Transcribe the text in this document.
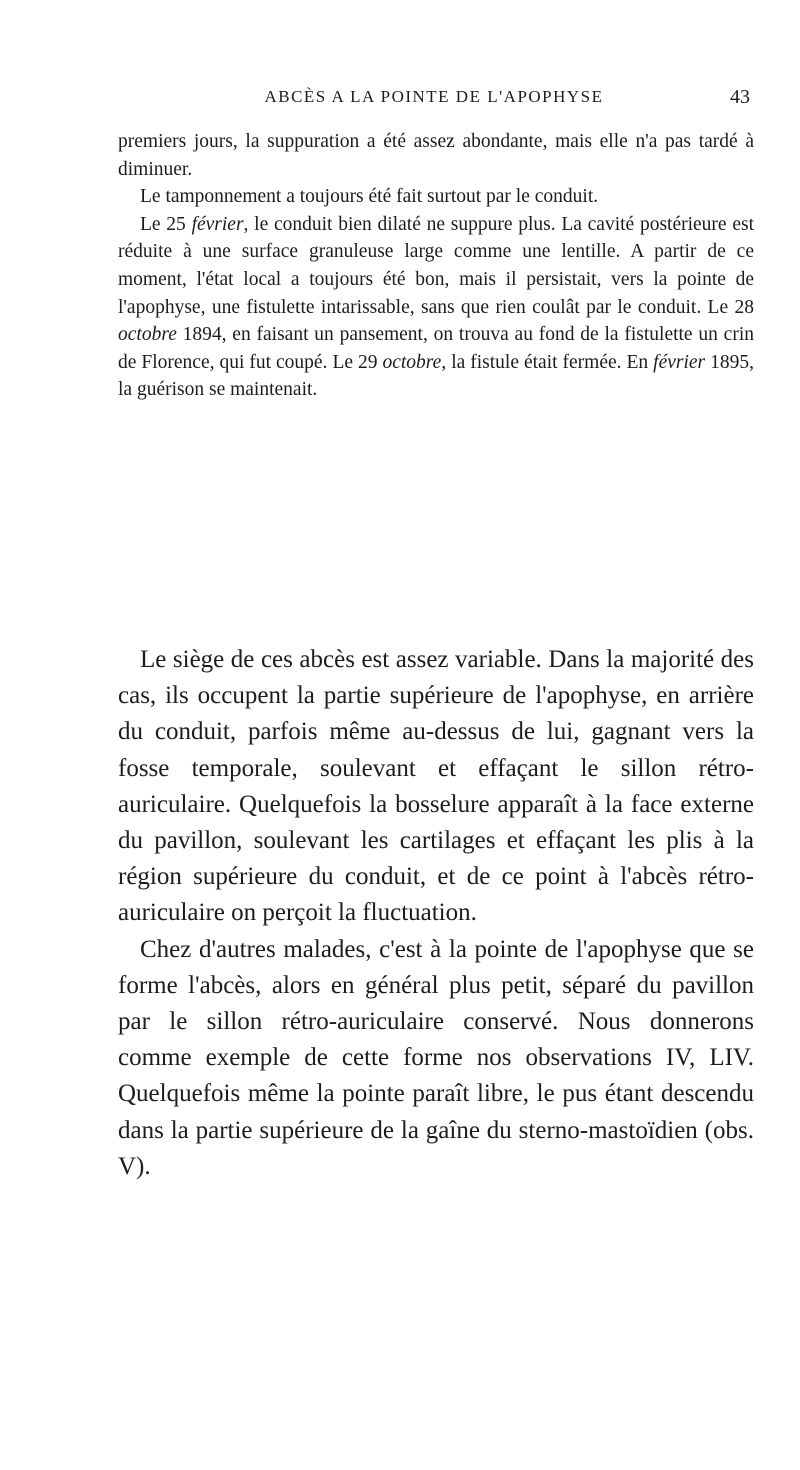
ABCÈS A LA POINTE DE L'APOPHYSE	43

premiers jours, la suppuration a été assez abondante, mais elle n'a pas tardé à diminuer.

Le tamponnement a toujours été fait surtout par le conduit.

Le 25 février, le conduit bien dilaté ne suppure plus. La cavité postérieure est réduite à une surface granuleuse large comme une lentille. A partir de ce moment, l'état local a toujours été bon, mais il persistait, vers la pointe de l'apophyse, une fistulette intarissable, sans que rien coulât par le conduit. Le 28 octobre 1894, en faisant un pansement, on trouva au fond de la fistulette un crin de Florence, qui fut coupé. Le 29 octobre, la fistule était fermée. En février 1895, la guérison se maintenait.

Le siège de ces abcès est assez variable. Dans la majorité des cas, ils occupent la partie supérieure de l'apophyse, en arrière du conduit, parfois même au-dessus de lui, gagnant vers la fosse temporale, soulevant et effaçant le sillon rétro-auriculaire. Quelquefois la bosselure apparaît à la face externe du pavillon, soulevant les cartilages et effaçant les plis à la région supérieure du conduit, et de ce point à l'abcès rétro-auriculaire on perçoit la fluctuation.

Chez d'autres malades, c'est à la pointe de l'apophyse que se forme l'abcès, alors en général plus petit, séparé du pavillon par le sillon rétro-auriculaire conservé. Nous donnerons comme exemple de cette forme nos observations IV, LIV. Quelquefois même la pointe paraît libre, le pus étant descendu dans la partie supérieure de la gaîne du sterno-mastoïdien (obs. V).
